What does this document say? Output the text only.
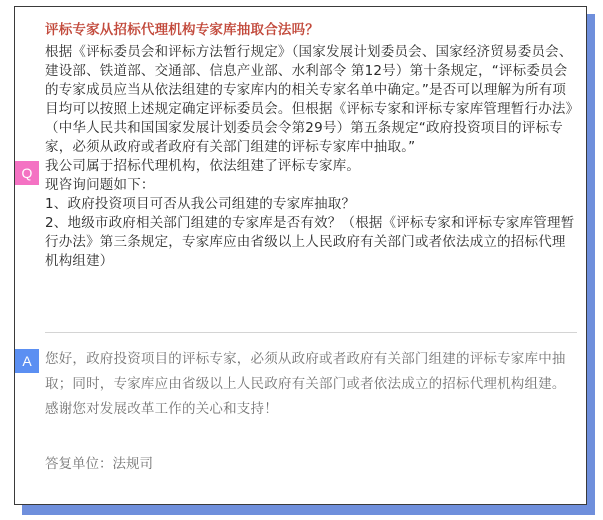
Q
评标专家从招标代理机构专家库抽取合法吗？

根据《评标委员会和评标方法暂行规定》（国家发展计划委员会、国家经济贸易委员会、建设部、铁道部、交通部、信息产业部、水利部令 第12号）第十条规定，“评标委员会的专家成员应当从依法组建的专家库内的相关专家名单中确定。”是否可以理解为所有项目均可以按照上述规定确定评标委员会。但根据《评标专家和评标专家库管理暂行办法》（中华人民共和国国家发展计划委员会令第29号）第五条规定“政府投资项目的评标专家，必须从政府或者政府有关部门组建的评标专家库中抽取。”

我公司属于招标代理机构，依法组建了评标专家库。

现咨询问题如下：

1、政府投资项目可否从我公司组建的专家库抽取？

2、地级市政府相关部门组建的专家库是否有效？（根据《评标专家和评标专家库管理暂行办法》第三条规定，专家库应由省级以上人民政府有关部门或者依法成立的招标代理机构组建）

A 您好，政府投资项目的评标专家，必须从政府或者政府有关部门组建的评标专家库中抽取；同时，专家库应由省级以上人民政府有关部门或者依法成立的招标代理机构组建。感谢您对发展改革工作的关心和支持！
答复单位：法规司
